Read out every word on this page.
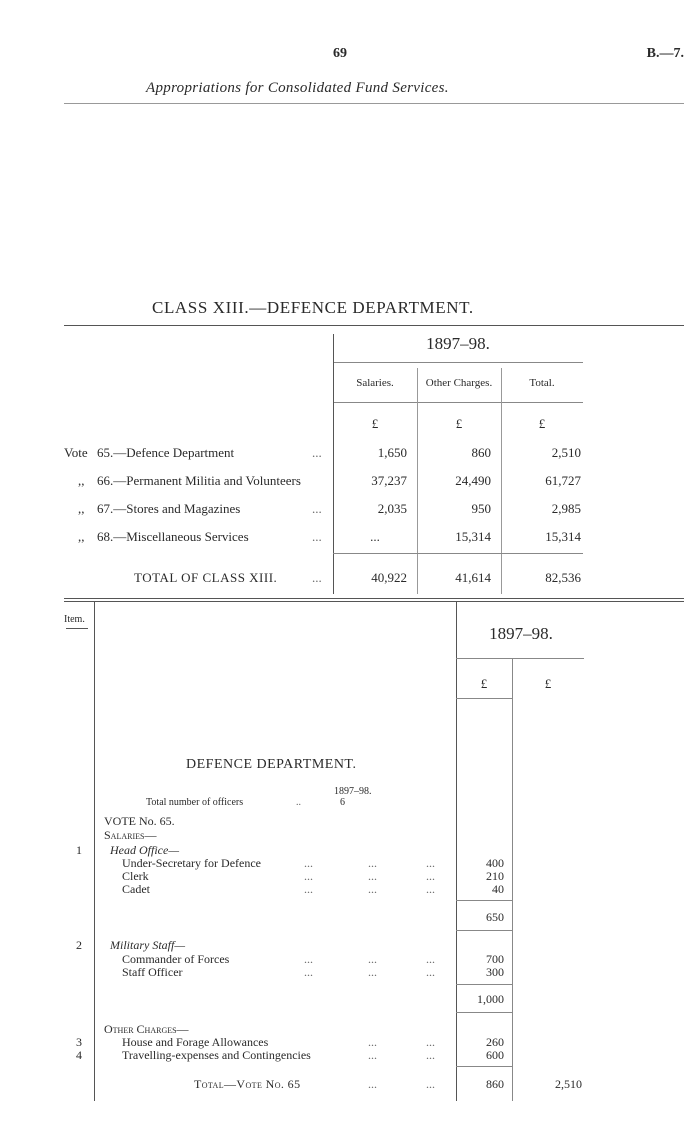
69	B.—7.
Appropriations for Consolidated Fund Services.
CLASS XIII.—DEFENCE DEPARTMENT.
1897–98.
Salaries.	Other Charges.	Total.
£	£	£
Vote 65.—Defence Department	...	1,650	860	2,510
,, 66.—Permanent Militia and Volunteers	37,237	24,490	61,727
,, 67.—Stores and Magazines	...	2,035	950	2,985
,, 68.—Miscellaneous Services	...	...	15,314	15,314
TOTAL OF CLASS XIII.	...	40,922	41,614	82,536
Item.
1897–98.
£	£
DEFENCE DEPARTMENT.
1897–98.
Total number of officers	..	6
VOTE No. 65.
Salaries—
1 Head Office—
Under-Secretary for Defence	...	...	...	400
Clerk	...	...	...	210
Cadet	...	...	...	40
650
2 Military Staff—
Commander of Forces	...	...	...	700
Staff Officer	...	...	...	300
1,000
Other Charges—
3	House and Forage Allowances	...	...	260
4	Travelling-expenses and Contingencies	...	...	600
Total—Vote No. 65	...	...	860	2,510
